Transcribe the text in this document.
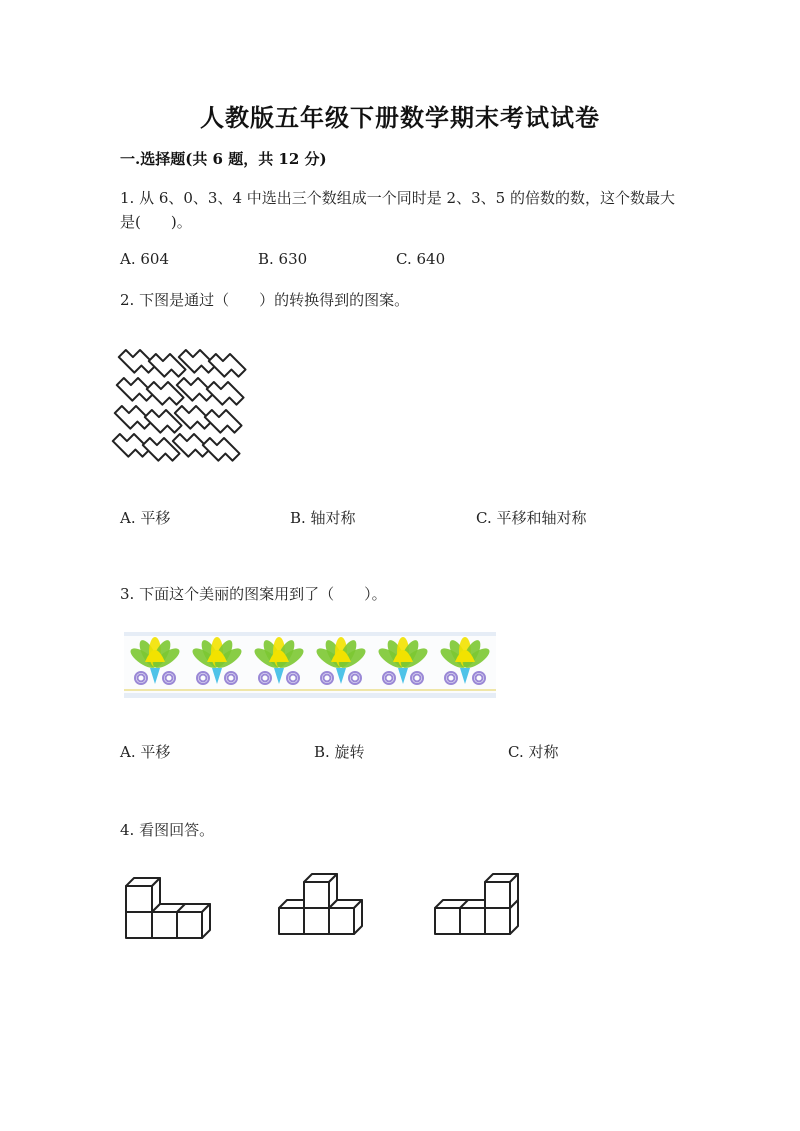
人教版五年级下册数学期末考试试卷
一.选择题(共 6 题，共 12 分)
1. 从 6、0、3、4 中选出三个数组成一个同时是 2、3、5 的倍数的数，这个数最大是(　　)。
A. 604	B. 630	C. 640
2. 下图是通过（　　）的转换得到的图案。
A. 平移	B. 轴对称	C. 平移和轴对称
3. 下面这个美丽的图案用到了（　　）。
A. 平移	B. 旋转	C. 对称
4. 看图回答。
